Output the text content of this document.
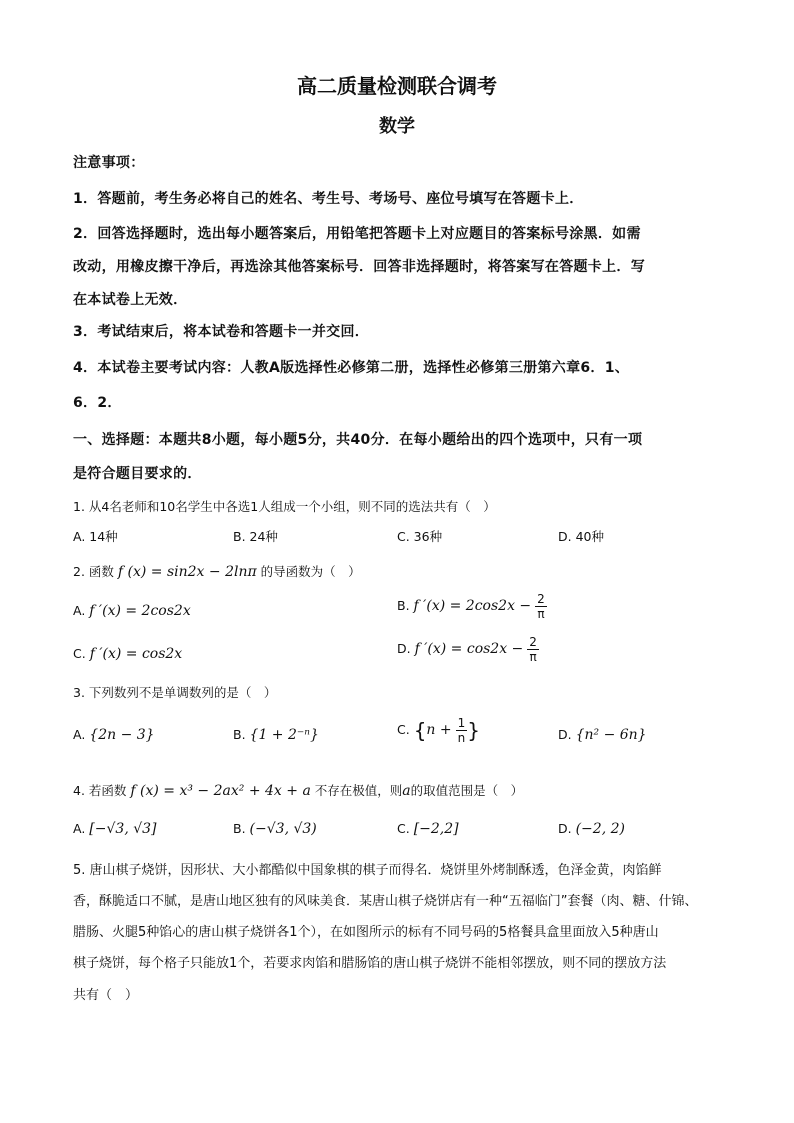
高二质量检测联合调考
数学
注意事项：
1．答题前，考生务必将自己的姓名、考生号、考场号、座位号填写在答题卡上．
2．回答选择题时，选出每小题答案后，用铅笔把答题卡上对应题目的答案标号涂黑．如需
改动，用橡皮擦干净后，再选涂其他答案标号．回答非选择题时，将答案写在答题卡上．写
在本试卷上无效．
3．考试结束后，将本试卷和答题卡一并交回．
4．本试卷主要考试内容：人教A版选择性必修第二册，选择性必修第三册第六章6．1、
6．2．
一、选择题：本题共8小题，每小题5分，共40分．在每小题给出的四个选项中，只有一项
是符合题目要求的．
1. 从4名老师和10名学生中各选1人组成一个小组，则不同的选法共有（　）
A. 14种	B. 24种	C. 36种	D. 40种
2. 函数 f (x) = sin2x − 2lnπ 的导函数为（　）
A. f ′(x) = 2cos2x	B. f $'(x) = 2\cos 2x - \frac{2}{\pi}$
C. f ′(x) = cos2x	D. f $'(x) = \cos 2x - \frac{2}{\pi}$
3. 下列数列不是单调数列的是（　）
A. {2n − 3}	B. {1 + 2⁻ⁿ}	C. {$n + \frac{1}{n}$ }	D. {n² − 6n}
4. 若函数 f (x) = x³ − 2ax² + 4x + a 不存在极值，则a的取值范围是（　）
A. [−√3, √3]	B. (−√3, √3)	C. [−2,2]	D. (−2, 2)
5. 唐山棋子烧饼，因形状、大小都酷似中国象棋的棋子而得名．烧饼里外烤制酥透，色泽金黄，肉馅鲜
香，酥脆适口不腻，是唐山地区独有的风味美食．某唐山棋子烧饼店有一种“五福临门”套餐（肉、糖、什锦、
腊肠、火腿5种馅心的唐山棋子烧饼各1个），在如图所示的标有不同号码的5格餐具盒里面放入5种唐山
棋子烧饼，每个格子只能放1个，若要求肉馅和腊肠馅的唐山棋子烧饼不能相邻摆放，则不同的摆放方法
共有（　）
